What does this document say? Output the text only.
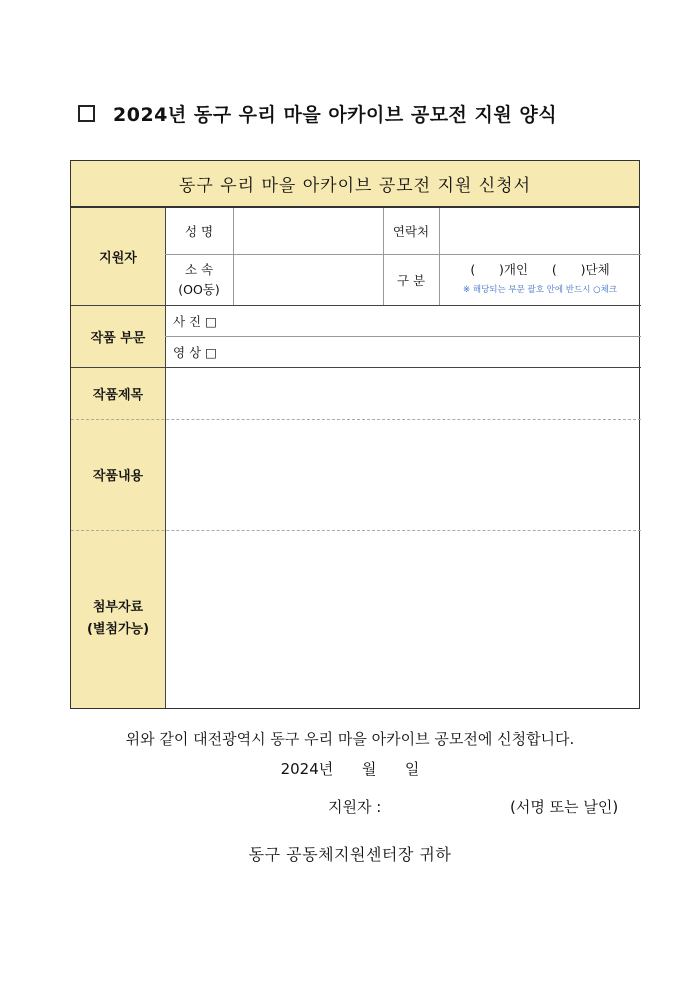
2024년 동구 우리 마을 아카이브 공모전 지원 양식
동구 우리 마을 아카이브 공모전 지원 신청서
지원자
작품 부문
작품제목
작품내용
첨부자료
(별첨가능)
성 명	연락처
소 속
(OO동)
구 분
(      )개인      (      )단체
※ 해당되는 부문 괄호 안에 반드시 ○체크
사 진 □
영 상 □
위와 같이 대전광역시 동구 우리 마을 아카이브 공모전에 신청합니다.
2024년      월      일
지원자 :	(서명 또는 날인)
동구 공동체지원센터장 귀하
